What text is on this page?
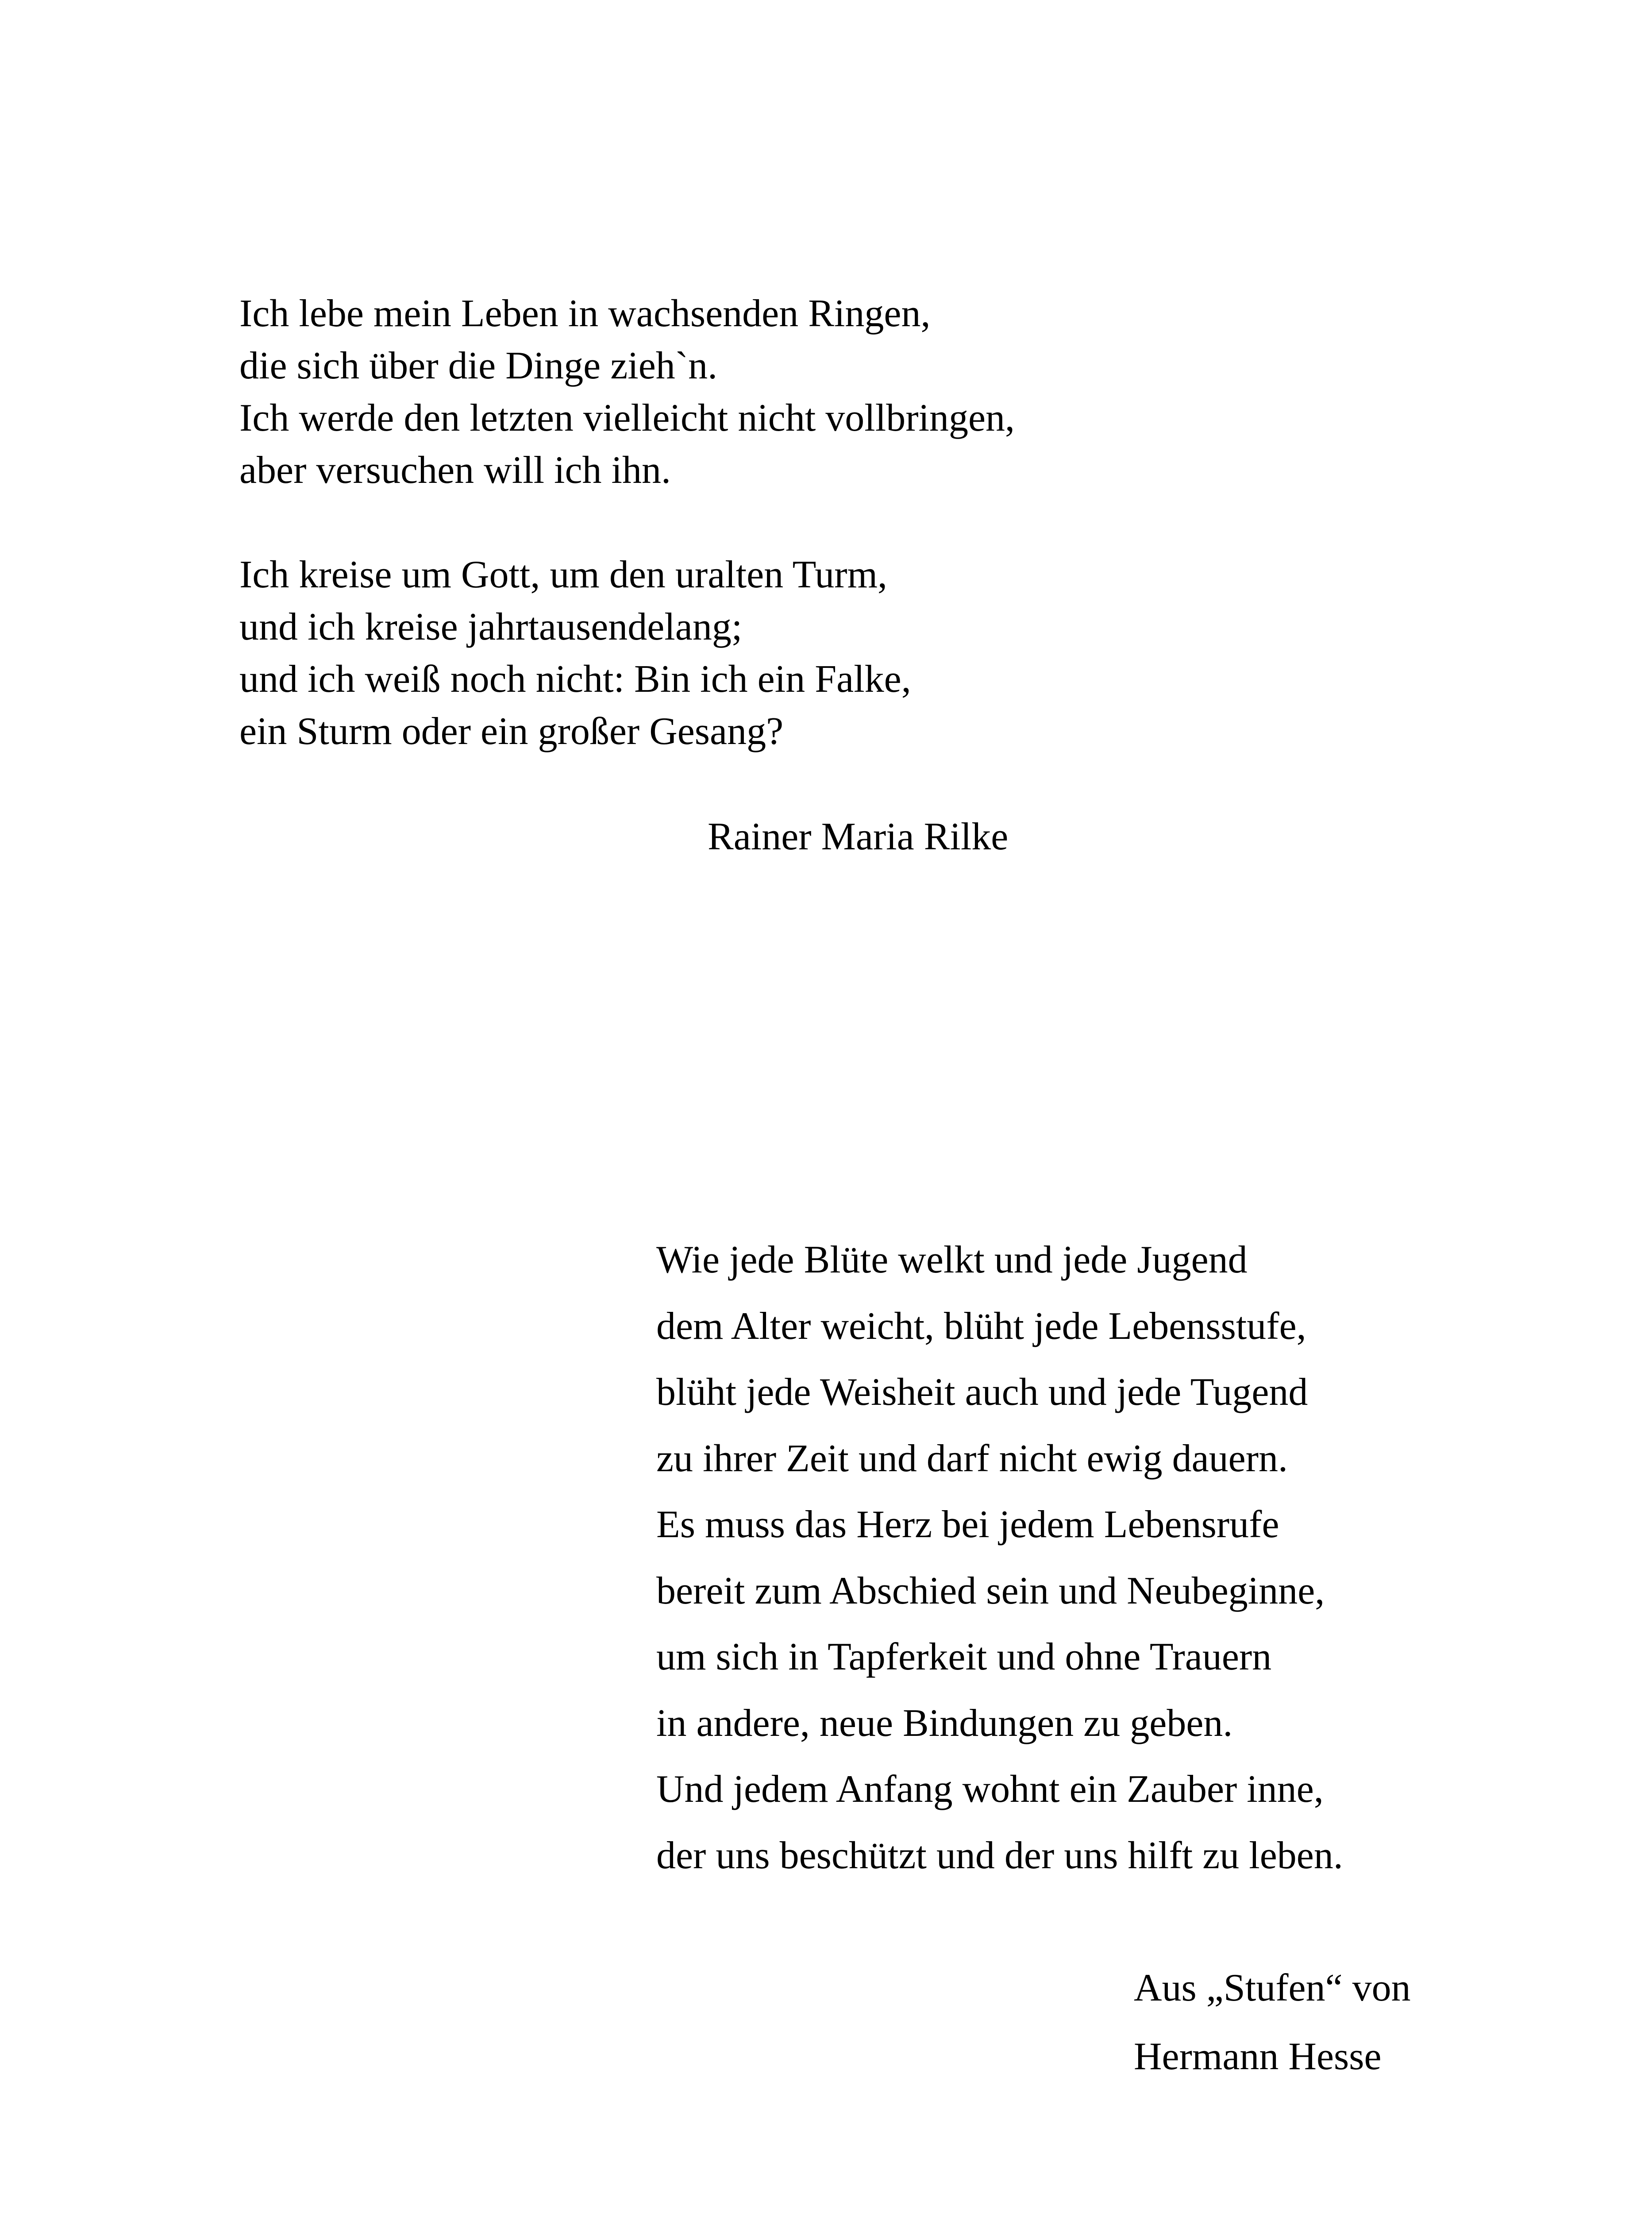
Ich lebe mein Leben in wachsenden Ringen,
die sich über die Dinge zieh`n.
Ich werde den letzten vielleicht nicht vollbringen,
aber versuchen will ich ihn.
Ich kreise um Gott, um den uralten Turm,
und ich kreise jahrtausendelang;
und ich weiß noch nicht: Bin ich ein Falke,
ein Sturm oder ein großer Gesang?
Rainer Maria Rilke
Wie jede Blüte welkt und jede Jugend
dem Alter weicht, blüht jede Lebensstufe,
blüht jede Weisheit auch und jede Tugend
zu ihrer Zeit und darf nicht ewig dauern.
Es muss das Herz bei jedem Lebensrufe
bereit zum Abschied sein und Neubeginne,
um sich in Tapferkeit und ohne Trauern
in andere, neue Bindungen zu geben.
Und jedem Anfang wohnt ein Zauber inne,
der uns beschützt und der uns hilft zu leben.
Aus „Stufen“ von
Hermann Hesse
